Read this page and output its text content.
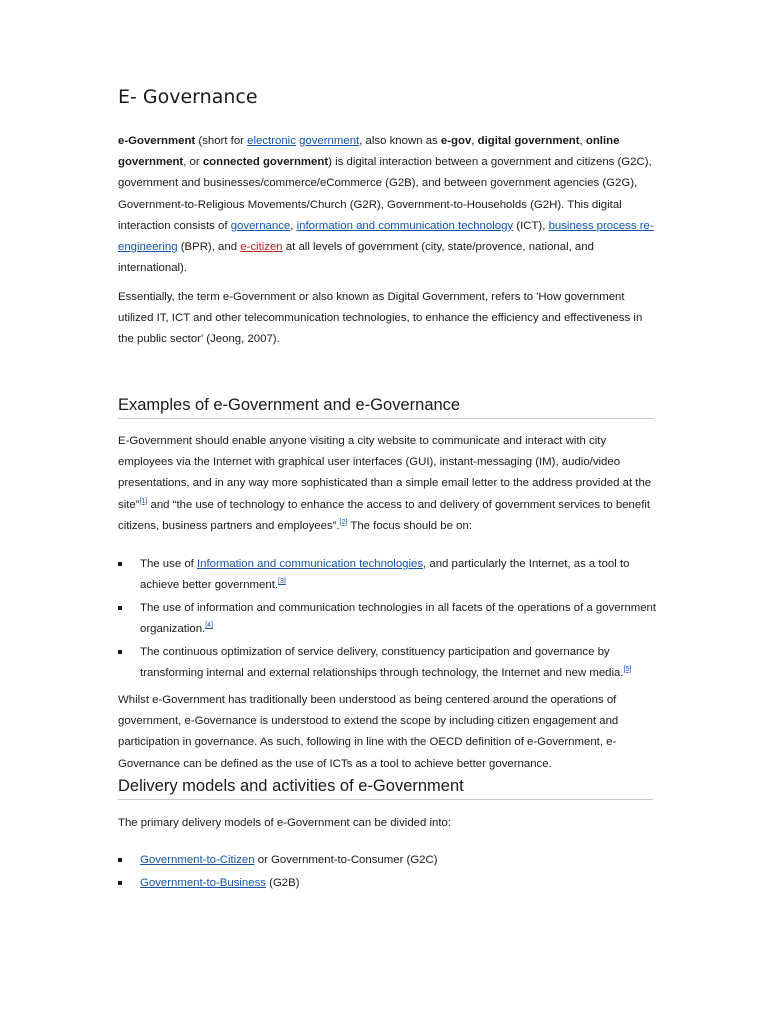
E- Governance

e-Government (short for electronic government, also known as e-gov, digital government, online government, or connected government) is digital interaction between a government and citizens (G2C), government and businesses/commerce/eCommerce (G2B), and between government agencies (G2G), Government-to-Religious Movements/Church (G2R), Government-to-Households (G2H). This digital interaction consists of governance, information and communication technology (ICT), business process re-engineering (BPR), and e-citizen at all levels of government (city, state/provence, national, and international).

Essentially, the term e-Government or also known as Digital Government, refers to 'How government utilized IT, ICT and other telecommunication technologies, to enhance the efficiency and effectiveness in the public sector' (Jeong, 2007).

Examples of e-Government and e-Governance

E-Government should enable anyone visiting a city website to communicate and interact with city employees via the Internet with graphical user interfaces (GUI), instant-messaging (IM), audio/video presentations, and in any way more sophisticated than a simple email letter to the address provided at the site”[1] and “the use of technology to enhance the access to and delivery of government services to benefit citizens, business partners and employees”.[2] The focus should be on:

The use of Information and communication technologies, and particularly the Internet, as a tool to achieve better government.[3]
The use of information and communication technologies in all facets of the operations of a government organization.[4]
The continuous optimization of service delivery, constituency participation and governance by transforming internal and external relationships through technology, the Internet and new media.[5]

Whilst e-Government has traditionally been understood as being centered around the operations of government, e-Governance is understood to extend the scope by including citizen engagement and participation in governance. As such, following in line with the OECD definition of e-Government, e-Governance can be defined as the use of ICTs as a tool to achieve better governance.

Delivery models and activities of e-Government

The primary delivery models of e-Government can be divided into:

Government-to-Citizen or Government-to-Consumer (G2C)
Government-to-Business (G2B)
